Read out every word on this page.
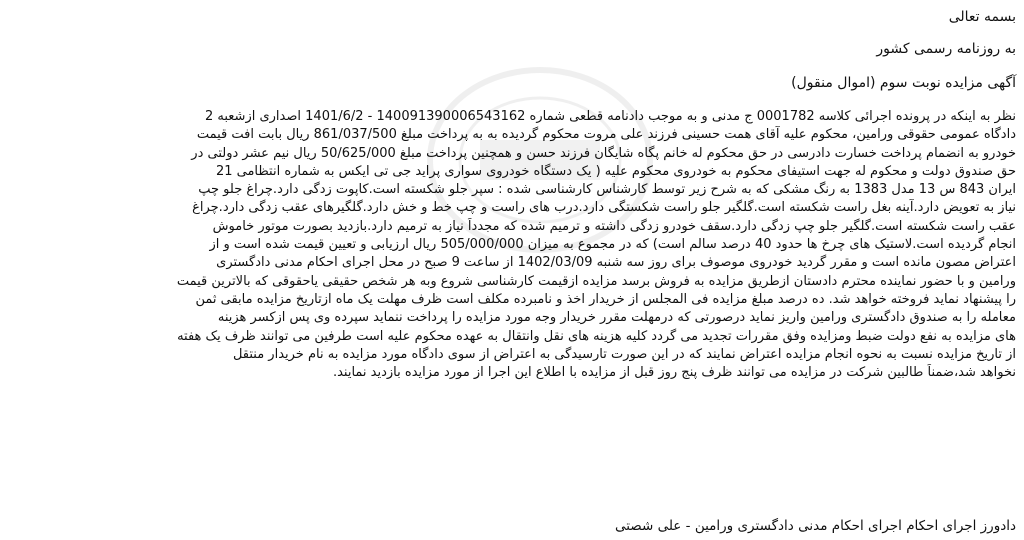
بسمه تعالی
به روزنامه رسمی کشور
آگهی مزایده نوبت سوم (اموال منقول)
نظر به اینکه در پرونده اجرائی کلاسه 0001782 ج مدنی و به موجب دادنامه قطعی شماره 140091390006543162 - 1401/6/2 اصداری ازشعبه 2
دادگاه عمومی حقوقی ورامین، محکوم علیه آقای همت حسینی فرزند علی مروت محکوم گردیده به به پرداخت مبلغ 861/037/500 ریال بابت افت قیمت
خودرو به انضمام پرداخت خسارت دادرسی در حق محکوم له خانم پگاه شایگان فرزند حسن و همچنین پرداخت مبلغ 50/625/000 ریال نیم عشر دولتی در
حق صندوق دولت و محکوم له جهت استیفای محکوم به خودروی محکوم علیه ( یک دستگاه خودروی سواری پراید جی تی ایکس به شماره انتظامی 21
ایران 843 س 13 مدل 1383 به رنگ مشکی که به شرح زیر توسط کارشناس کارشناسی شده : سپر جلو شکسته است.کاپوت زدگی دارد.چراغ جلو چپ
نیاز به تعویض دارد.آینه بغل راست شکسته است.گلگیر جلو راست شکستگی دارد.درب های راست و چپ خط و خش دارد.گلگیرهای عقب زدگی دارد.چراغ
عقب راست شکسته است.گلگیر جلو چپ زدگی دارد.سقف خودرو زدگی داشته و ترمیم شده که مجدداً نیاز به ترمیم دارد.بازدید بصورت موتور خاموش
انجام گردیده است.لاستیک های چرخ ها حدود 40 درصد سالم است) که در مجموع به میزان 505/000/000 ریال ارزیابی و تعیین قیمت شده است و از
اعتراض مصون مانده است و مقرر گردید خودروی موصوف برای روز سه شنبه 1402/03/09 از ساعت 9 صبح در محل اجرای احکام مدنی دادگستری
ورامین و با حضور نماینده محترم دادستان ازطریق مزایده به فروش برسد مزایده ازقیمت کارشناسی شروع وبه هر شخص حقیقی یاحقوقی که بالاترین قیمت
را پیشنهاد نماید فروخته خواهد شد. ده درصد مبلغ مزایده فی المجلس از خریدار اخذ و نامبرده مکلف است ظرف مهلت یک ماه ازتاریخ مزایده مابقی ثمن
معامله را به صندوق دادگستری ورامین واریز نماید درصورتی که درمهلت مقرر خریدار وجه مورد مزایده را پرداخت ننماید سپرده وی پس ازکسر هزینه
های مزایده به نفع دولت ضبط ومزایده وفق مقررات تجدید می گردد کلیه هزینه های نقل وانتقال به عهده محکوم علیه است طرفین می توانند ظرف یک هفته
از تاریخ مزایده نسبت به نحوه انجام مزایده اعتراض نمایند که در این صورت تارسیدگی به اعتراض از سوی دادگاه مورد مزایده به نام خریدار منتقل
نخواهد شد،ضمناً طالبین شرکت در مزایده می توانند ظرف پنج روز قبل از مزایده با اطلاع این اجرا از مورد مزایده بازدید نمایند.
دادورز اجرای احکام اجرای احکام مدنی دادگستری ورامین - علی شصتی
